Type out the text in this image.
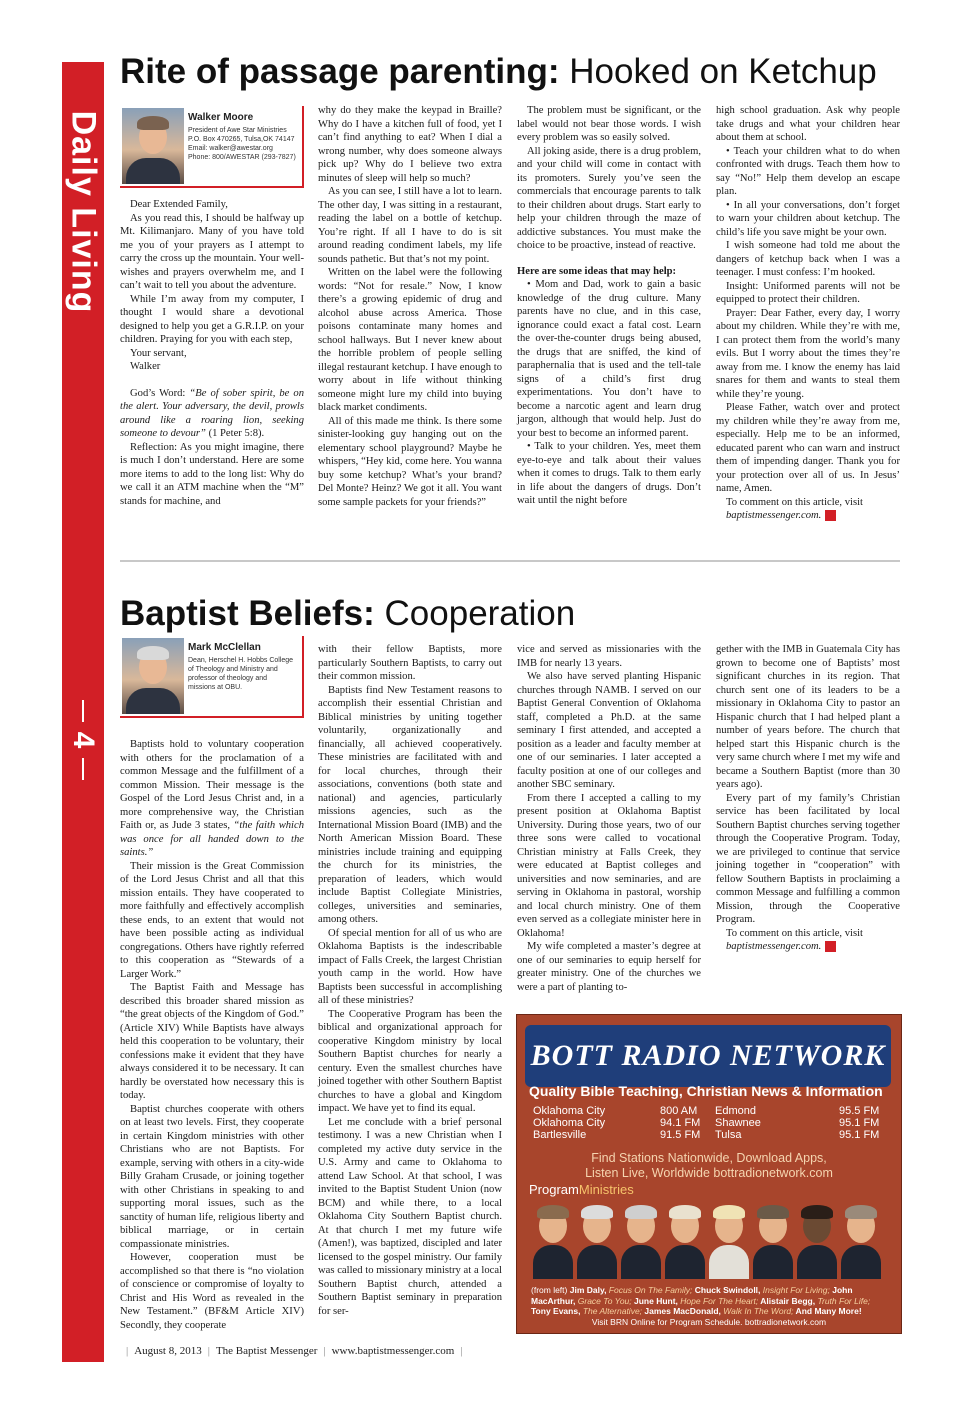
Daily Living
4
Rite of passage parenting: Hooked on Ketchup
Walker Moore
President of Awe Star Ministries
P.O. Box 470265, Tulsa,OK 74147
Email: walker@awestar.org
Phone: 800/AWESTAR (293-7827)

Dear Extended Family,

As you read this, I should be halfway up Mt. Kilimanjaro. Many of you have told me you of your prayers as I attempt to carry the cross up the mountain. Your well-wishes and prayers overwhelm me, and I can’t wait to tell you about the adventure.

While I’m away from my computer, I thought I would share a devotional designed to help you get a G.R.I.P. on your children. Praying for you with each step,

Your servant,

Walker

God’s Word: “Be of sober spirit, be on the alert. Your adversary, the devil, prowls around like a roaring lion, seeking someone to devour” (1 Peter 5:8).

Reflection: As you might imagine, there is much I don’t understand. Here are some more items to add to the long list: Why do we call it an ATM machine when the “M” stands for machine, and

why do they make the keypad in Braille? Why do I have a kitchen full of food, yet I can’t find anything to eat? When I dial a wrong number, why does someone always pick up? Why do I believe two extra minutes of sleep will help so much?

As you can see, I still have a lot to learn. The other day, I was sitting in a restaurant, reading the label on a bottle of ketchup. You’re right. If all I have to do is sit around reading condiment labels, my life sounds pathetic. But that’s not my point.

Written on the label were the following words: “Not for resale.” Now, I know there’s a growing epidemic of drug and alcohol abuse across America. Those poisons contaminate many homes and school hallways. But I never knew about the horrible problem of people selling illegal restaurant ketchup. I have enough to worry about in life without thinking someone might lure my child into buying black market condiments.

All of this made me think. Is there some sinister-looking guy hanging out on the elementary school playground? Maybe he whispers, “Hey kid, come here. You wanna buy some ketchup? What’s your brand? Del Monte? Heinz? We got it all. You want some sample packets for your friends?”

The problem must be significant, or the label would not bear those words. I wish every problem was so easily solved.

All joking aside, there is a drug problem, and your child will come in contact with its promoters. Surely you’ve seen the commercials that encourage parents to talk to their children about drugs. Start early to help your children through the maze of addictive substances. You must make the choice to be proactive, instead of reactive.

Here are some ideas that may help:

• Mom and Dad, work to gain a basic knowledge of the drug culture. Many parents have no clue, and in this case, ignorance could exact a fatal cost. Learn the over-the-counter drugs being abused, the drugs that are sniffed, the kind of paraphernalia that is used and the tell-tale signs of a child’s first drug experimentations. You don’t have to become a narcotic agent and learn drug jargon, although that would help. Just do your best to become an informed parent.

• Talk to your children. Yes, meet them eye-to-eye and talk about their values when it comes to drugs. Talk to them early in life about the dangers of drugs. Don’t wait until the night before

high school graduation. Ask why people take drugs and what your children hear about them at school.

• Teach your children what to do when confronted with drugs. Teach them how to say “No!” Help them develop an escape plan.

• In all your conversations, don’t forget to warn your children about ketchup. The child’s life you save might be your own.

I wish someone had told me about the dangers of ketchup back when I was a teenager. I must confess: I’m hooked.

Insight: Uniformed parents will not be equipped to protect their children.

Prayer: Dear Father, every day, I worry about my children. While they’re with me, I can protect them from the world’s many evils. But I worry about the times they’re away from me. I know the enemy has laid snares for them and wants to steal them while they’re young.

Please Father, watch over and protect my children while they’re away from me, especially. Help me to be an informed, educated parent who can warn and instruct them of impending danger. Thank you for your protection over all of us. In Jesus’ name, Amen.

To comment on this article, visit

baptistmessenger.com. m

Baptist Beliefs: Cooperation
Mark McClellan
Dean, Herschel H. Hobbs College
of Theology and Ministry and
professor of theology and
missions at OBU.

Baptists hold to voluntary cooperation with others for the proclamation of a common Message and the fulfillment of a common Mission. Their message is the Gospel of the Lord Jesus Christ and, in a more comprehensive way, the Christian Faith or, as Jude 3 states, “the faith which was once for all handed down to the saints.”

Their mission is the Great Commission of the Lord Jesus Christ and all that this mission entails. They have cooperated to more faithfully and effectively accomplish these ends, to an extent that would not have been possible acting as individual congregations. Others have rightly referred to this cooperation as “Stewards of a Larger Work.”

The Baptist Faith and Message has described this broader shared mission as “the great objects of the Kingdom of God.” (Article XIV) While Baptists have always held this cooperation to be voluntary, their confessions make it evident that they have always considered it to be necessary. It can hardly be overstated how necessary this is today.

Baptist churches cooperate with others on at least two levels. First, they cooperate in certain Kingdom ministries with other Christians who are not Baptists. For example, serving with others in a city-wide Billy Graham Crusade, or joining together with other Christians in speaking to and supporting moral issues, such as the sanctity of human life, religious liberty and biblical marriage, or in certain compassionate ministries.

However, cooperation must be accomplished so that there is “no violation of conscience or compromise of loyalty to Christ and His Word as revealed in the New Testament.” (BF&M Article XIV) Secondly, they cooperate

with their fellow Baptists, more particularly Southern Baptists, to carry out their common mission.

Baptists find New Testament reasons to accomplish their essential Christian and Biblical ministries by uniting together voluntarily, organizationally and financially, all achieved cooperatively. These ministries are facilitated with and for local churches, through their associations, conventions (both state and national) and agencies, particularly missions agencies, such as the International Mission Board (IMB) and the North American Mission Board. These ministries include training and equipping the church for its ministries, the preparation of leaders, which would include Baptist Collegiate Ministries, colleges, universities and seminaries, among others.

Of special mention for all of us who are Oklahoma Baptists is the indescribable impact of Falls Creek, the largest Christian youth camp in the world. How have Baptists been successful in accomplishing all of these ministries?

The Cooperative Program has been the biblical and organizational approach for cooperative Kingdom ministry by local Southern Baptist churches for nearly a century. Even the smallest churches have joined together with other Southern Baptist churches to have a global and Kingdom impact. We have yet to find its equal.

Let me conclude with a brief personal testimony. I was a new Christian when I completed my active duty service in the U.S. Army and came to Oklahoma to attend Law School. At that school, I was invited to the Baptist Student Union (now BCM) and while there, to a local Oklahoma City Southern Baptist church. At that church I met my future wife (Amen!), was baptized, discipled and later licensed to the gospel ministry. Our family was called to missionary ministry at a local Southern Baptist church, attended a Southern Baptist seminary in preparation for ser-

vice and served as missionaries with the IMB for nearly 13 years.

We also have served planting Hispanic churches through NAMB. I served on our Baptist General Convention of Oklahoma staff, completed a Ph.D. at the same seminary I first attended, and accepted a position as a leader and faculty member at one of our seminaries. I later accepted a faculty position at one of our colleges and another SBC seminary.

From there I accepted a calling to my present position at Oklahoma Baptist University. During those years, two of our three sons were called to vocational Christian ministry at Falls Creek, they were educated at Baptist colleges and universities and now seminaries, and are serving in Oklahoma in pastoral, worship and local church ministry. One of them even served as a collegiate minister here in Oklahoma!

My wife completed a master’s degree at one of our seminaries to equip herself for greater ministry. One of the churches we were a part of planting to-

gether with the IMB in Guatemala City has grown to become one of Baptists’ most significant churches in its region. That church sent one of its leaders to be a missionary in Oklahoma City to pastor an Hispanic church that I had helped plant a number of years before. The church that helped start this Hispanic church is the very same church where I met my wife and became a Southern Baptist (more than 30 years ago).

Every part of my family’s Christian service has been facilitated by local Southern Baptist churches serving together through the Cooperative Program. Today, we are privileged to continue that service joining together in “cooperation” with fellow Southern Baptists in proclaiming a common Message and fulfilling a common Mission, through the Cooperative Program.

To comment on this article, visit

baptistmessenger.com. m

BOTT RADIO NETWORK
Quality Bible Teaching, Christian News & Information
Oklahoma City	800 AM Edmond	95.5 FM
Oklahoma City	94.1 FM Shawnee	95.1 FM
Bartlesville	91.5 FM Tulsa	95.1 FM
Find Stations Nationwide, Download Apps,
Listen Live, Worldwide bottradionetwork.com
ProgramMinistries
(from left) Jim Daly, Focus On The Family; Chuck Swindoll, Insight For Living; John MacArthur, Grace To You; June Hunt, Hope For The Heart; Alistair Begg, Truth For Life; Tony Evans, The Alternative; James MacDonald, Walk In The Word; And Many More!
Visit BRN Online for Program Schedule. bottradionetwork.com
| August 8, 2013 | The Baptist Messenger | www.baptistmessenger.com |
